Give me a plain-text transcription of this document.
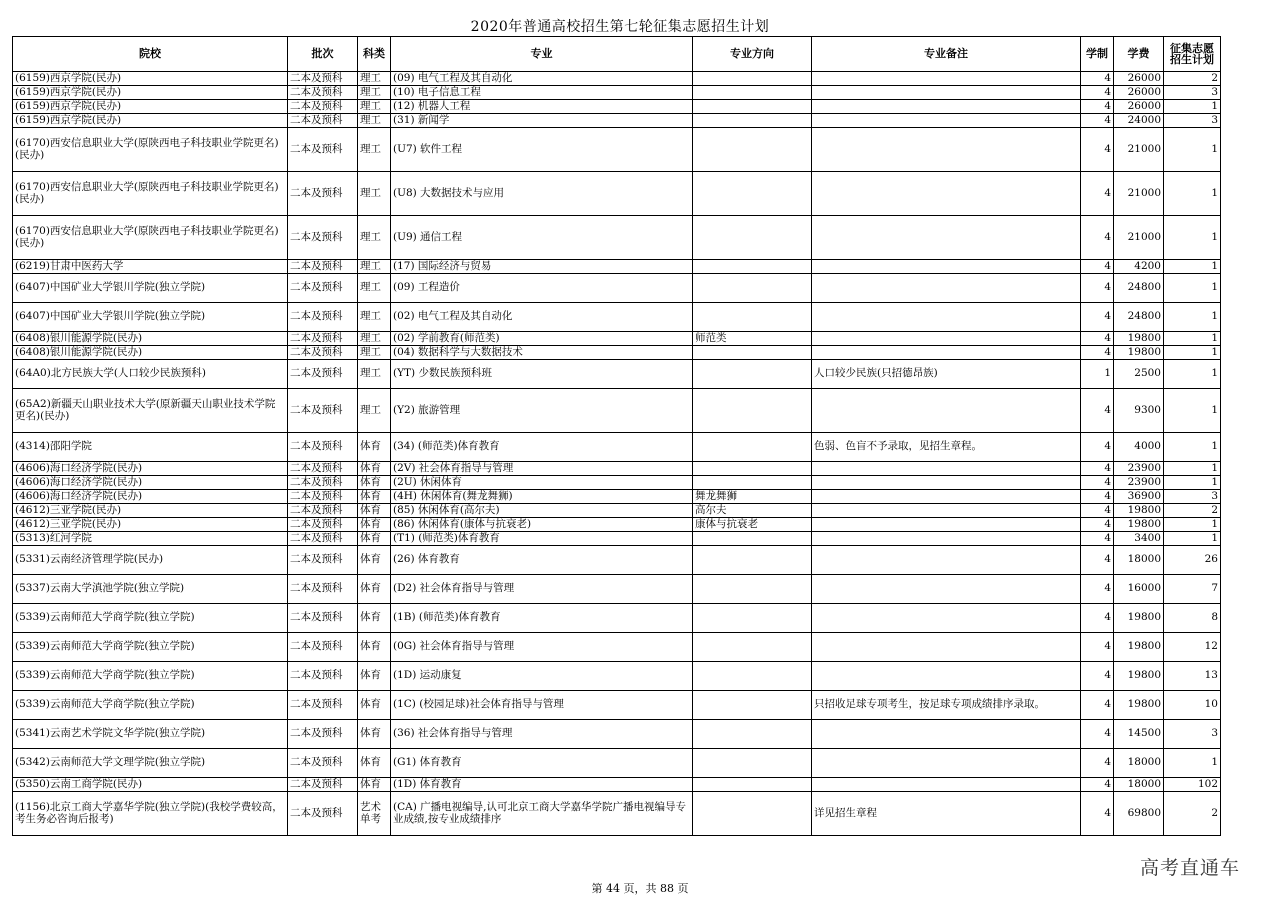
2020年普通高校招生第七轮征集志愿招生计划
院校	批次	科类	专业	专业方向	专业备注	学制	学费	征集志愿招生计划
(6159)西京学院(民办)	二本及预科	理工	(09) 电气工程及其自动化			4	26000	2
(6159)西京学院(民办)	二本及预科	理工	(10) 电子信息工程			4	26000	3
(6159)西京学院(民办)	二本及预科	理工	(12) 机器人工程			4	26000	1
(6159)西京学院(民办)	二本及预科	理工	(31) 新闻学			4	24000	3
(6170)西安信息职业大学(原陕西电子科技职业学院更名)(民办)	二本及预科	理工	(U7) 软件工程			4	21000	1
(6170)西安信息职业大学(原陕西电子科技职业学院更名)(民办)	二本及预科	理工	(U8) 大数据技术与应用			4	21000	1
(6170)西安信息职业大学(原陕西电子科技职业学院更名)(民办)	二本及预科	理工	(U9) 通信工程			4	21000	1
(6219)甘肃中医药大学	二本及预科	理工	(17) 国际经济与贸易			4	4200	1
(6407)中国矿业大学银川学院(独立学院)	二本及预科	理工	(09) 工程造价			4	24800	1
(6407)中国矿业大学银川学院(独立学院)	二本及预科	理工	(02) 电气工程及其自动化			4	24800	1
(6408)银川能源学院(民办)	二本及预科	理工	(02) 学前教育(师范类)	师范类		4	19800	1
(6408)银川能源学院(民办)	二本及预科	理工	(04) 数据科学与大数据技术			4	19800	1
(64A0)北方民族大学(人口较少民族预科)	二本及预科	理工	(YT) 少数民族预科班		人口较少民族(只招德昂族)	1	2500	1
(65A2)新疆天山职业技术大学(原新疆天山职业技术学院更名)(民办)	二本及预科	理工	(Y2) 旅游管理			4	9300	1
(4314)邵阳学院	二本及预科	体育	(34) (师范类)体育教育		色弱、色盲不予录取，见招生章程。	4	4000	1
(4606)海口经济学院(民办)	二本及预科	体育	(2V) 社会体育指导与管理			4	23900	1
(4606)海口经济学院(民办)	二本及预科	体育	(2U) 休闲体育			4	23900	1
(4606)海口经济学院(民办)	二本及预科	体育	(4H) 休闲体育(舞龙舞狮)	舞龙舞狮		4	36900	3
(4612)三亚学院(民办)	二本及预科	体育	(85) 休闲体育(高尔夫)	高尔夫		4	19800	2
(4612)三亚学院(民办)	二本及预科	体育	(86) 休闲体育(康体与抗衰老)	康体与抗衰老		4	19800	1
(5313)红河学院	二本及预科	体育	(T1) (师范类)体育教育			4	3400	1
(5331)云南经济管理学院(民办)	二本及预科	体育	(26) 体育教育			4	18000	26
(5337)云南大学滇池学院(独立学院)	二本及预科	体育	(D2) 社会体育指导与管理			4	16000	7
(5339)云南师范大学商学院(独立学院)	二本及预科	体育	(1B) (师范类)体育教育			4	19800	8
(5339)云南师范大学商学院(独立学院)	二本及预科	体育	(0G) 社会体育指导与管理			4	19800	12
(5339)云南师范大学商学院(独立学院)	二本及预科	体育	(1D) 运动康复			4	19800	13
(5339)云南师范大学商学院(独立学院)	二本及预科	体育	(1C) (校园足球)社会体育指导与管理		只招收足球专项考生，按足球专项成绩排序录取。	4	19800	10
(5341)云南艺术学院文华学院(独立学院)	二本及预科	体育	(36) 社会体育指导与管理			4	14500	3
(5342)云南师范大学文理学院(独立学院)	二本及预科	体育	(G1) 体育教育			4	18000	1
(5350)云南工商学院(民办)	二本及预科	体育	(1D) 体育教育			4	18000	102
(1156)北京工商大学嘉华学院(独立学院)(我校学费较高，考生务必咨询后报考)	二本及预科	艺术单考	(CA) 广播电视编导,认可北京工商大学嘉华学院广播电视编导专业成绩,按专业成绩排序		详见招生章程	4	69800	2
第 44 页，共 88 页
高考直通车
